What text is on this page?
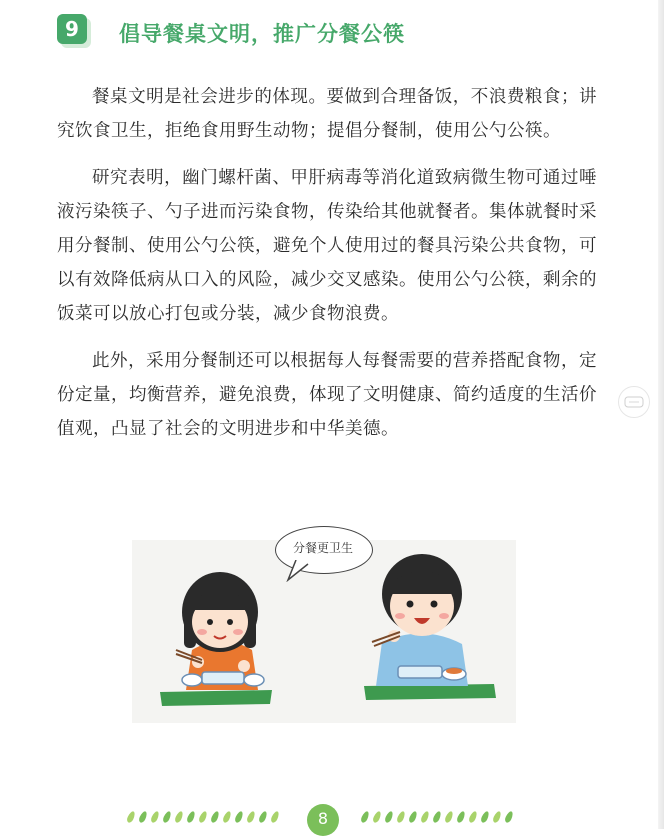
9	倡导餐桌文明，推广分餐公筷

餐桌文明是社会进步的体现。要做到合理备饭，不浪费粮食；讲究饮食卫生，拒绝食用野生动物；提倡分餐制，使用公勺公筷。

研究表明，幽门螺杆菌、甲肝病毒等消化道致病微生物可通过唾液污染筷子、勺子进而污染食物，传染给其他就餐者。集体就餐时采用分餐制、使用公勺公筷，避免个人使用过的餐具污染公共食物，可以有效降低病从口入的风险，减少交叉感染。使用公勺公筷，剩余的饭菜可以放心打包或分装，减少食物浪费。

此外，采用分餐制还可以根据每人每餐需要的营养搭配食物，定份定量，均衡营养，避免浪费，体现了文明健康、简约适度的生活价值观，凸显了社会的文明进步和中华美德。

分餐更卫生
8
